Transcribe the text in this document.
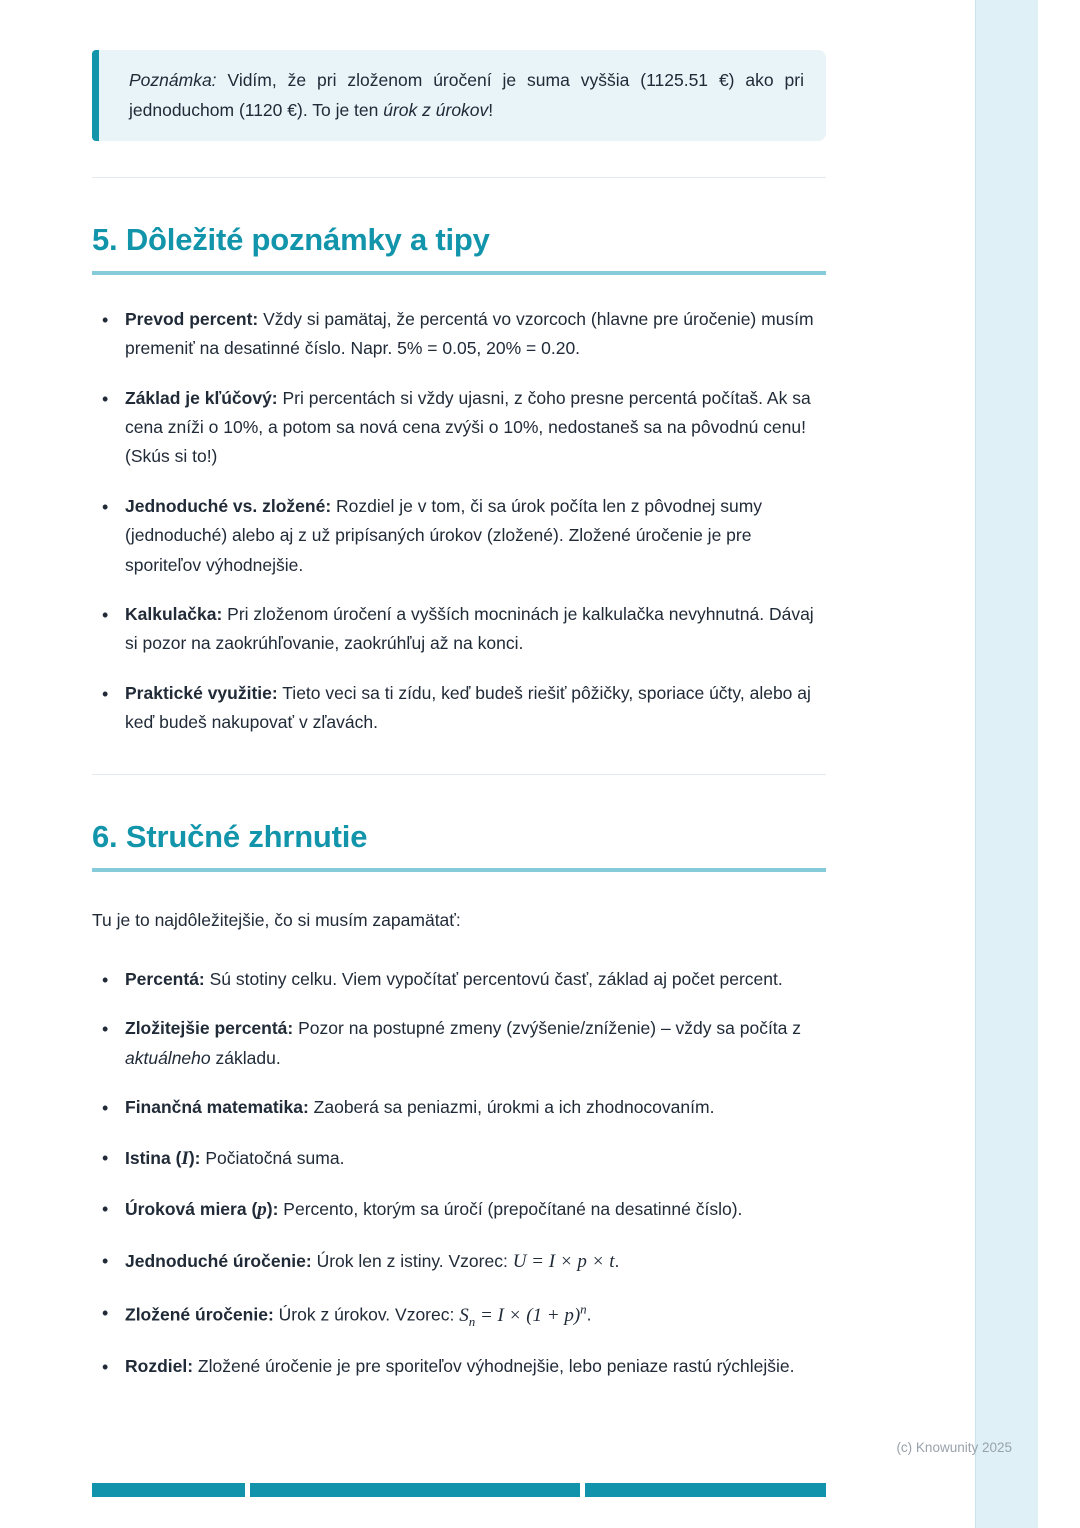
Poznámka: Vidím, že pri zloženom úročení je suma vyššia (1125.51 €) ako pri jednoduchom (1120 €). To je ten úrok z úrokov!
5. Dôležité poznámky a tipy
• Prevod percent: Vždy si pamätaj, že percentá vo vzorcoch (hlavne pre úročenie) musím premeniť na desatinné číslo. Napr. 5% = 0.05, 20% = 0.20.
• Základ je kľúčový: Pri percentách si vždy ujasni, z čoho presne percentá počítaš. Ak sa cena zníži o 10%, a potom sa nová cena zvýši o 10%, nedostaneš sa na pôvodnú cenu! (Skús si to!)
• Jednoduché vs. zložené: Rozdiel je v tom, či sa úrok počíta len z pôvodnej sumy (jednoduché) alebo aj z už pripísaných úrokov (zložené). Zložené úročenie je pre sporiteľov výhodnejšie.
• Kalkulačka: Pri zloženom úročení a vyšších mocninách je kalkulačka nevyhnutná. Dávaj si pozor na zaokrúhľovanie, zaokrúhľuj až na konci.
• Praktické využitie: Tieto veci sa ti zídu, keď budeš riešiť pôžičky, sporiace účty, alebo aj keď budeš nakupovať v zľavách.
6. Stručné zhrnutie

Tu je to najdôležitejšie, čo si musím zapamätať:

• Percentá: Sú stotiny celku. Viem vypočítať percentovú časť, základ aj počet percent.
• Zložitejšie percentá: Pozor na postupné zmeny (zvýšenie/zníženie) – vždy sa počíta z aktuálneho základu.
• Finančná matematika: Zaoberá sa peniazmi, úrokmi a ich zhodnocovaním.
• Istina (I): Počiatočná suma.
• Úroková miera (p): Percento, ktorým sa úročí (prepočítané na desatinné číslo).
• Jednoduché úročenie: Úrok len z istiny. Vzorec: U = I × p × t.
• Zložené úročenie: Úrok z úrokov. Vzorec: $S_n = I \times (1 + p)^n$.
• Rozdiel: Zložené úročenie je pre sporiteľov výhodnejšie, lebo peniaze rastú rýchlejšie.
(c) Knowunity 2025
